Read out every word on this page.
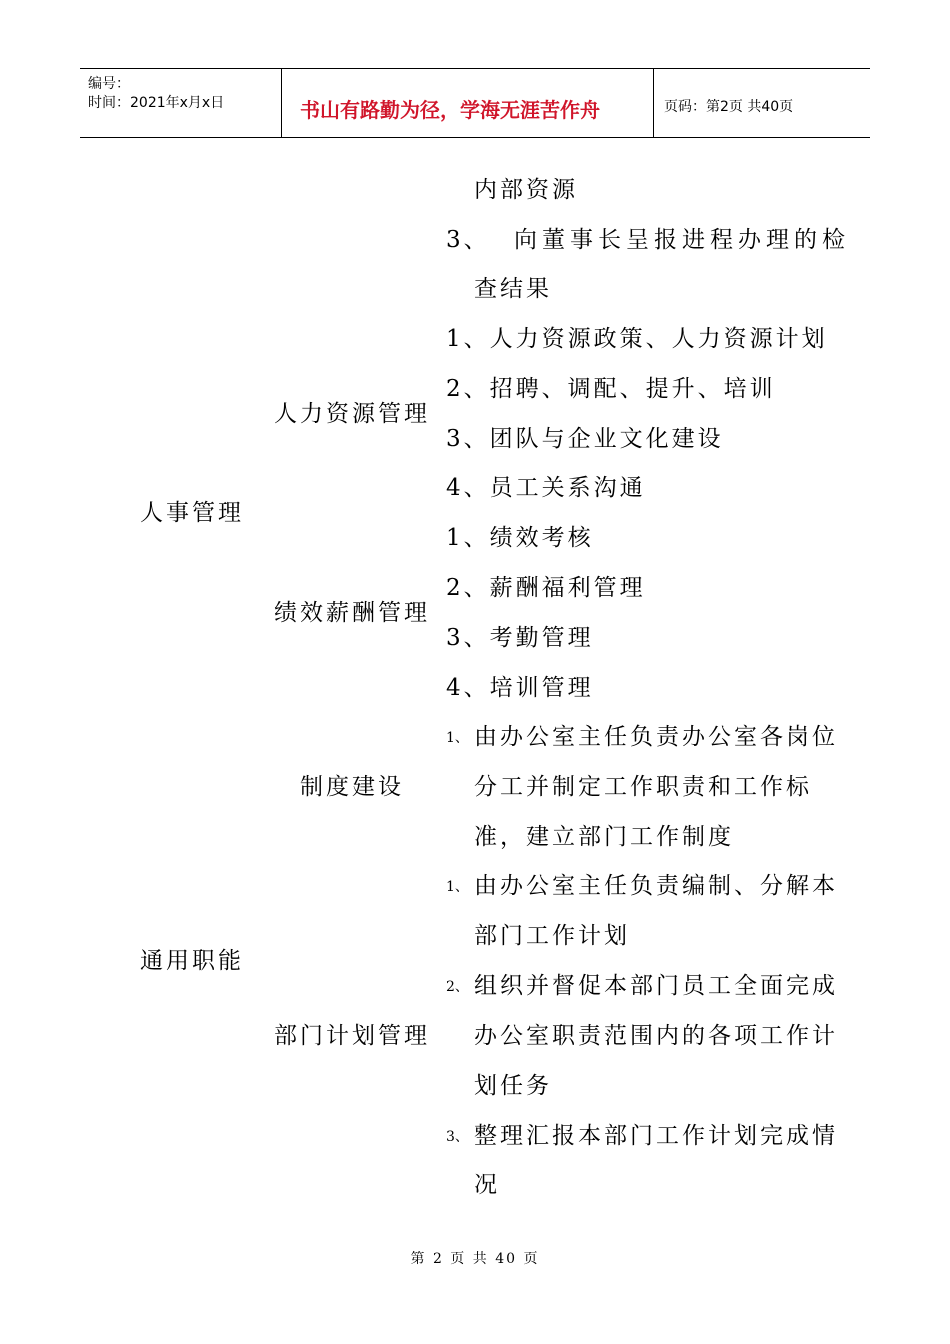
编号：
时间：2021年x月x日	书山有路勤为径，学海无涯苦作舟	页码：第2页 共40页
人事管理
通用职能
人力资源管理
绩效薪酬管理
制度建设
部门计划管理
内部资源
3、 向董事长呈报进程办理的检
查结果
1、人力资源政策、人力资源计划
2、招聘、调配、提升、培训
3、团队与企业文化建设
4、员工关系沟通
1、绩效考核
2、薪酬福利管理
3、考勤管理
4、培训管理
1、 由办公室主任负责办公室各岗位
分工并制定工作职责和工作标
准，建立部门工作制度
1、 由办公室主任负责编制、分解本
部门工作计划
2、 组织并督促本部门员工全面完成
办公室职责范围内的各项工作计
划任务
3、 整理汇报本部门工作计划完成情
况
第 2 页 共 40 页
